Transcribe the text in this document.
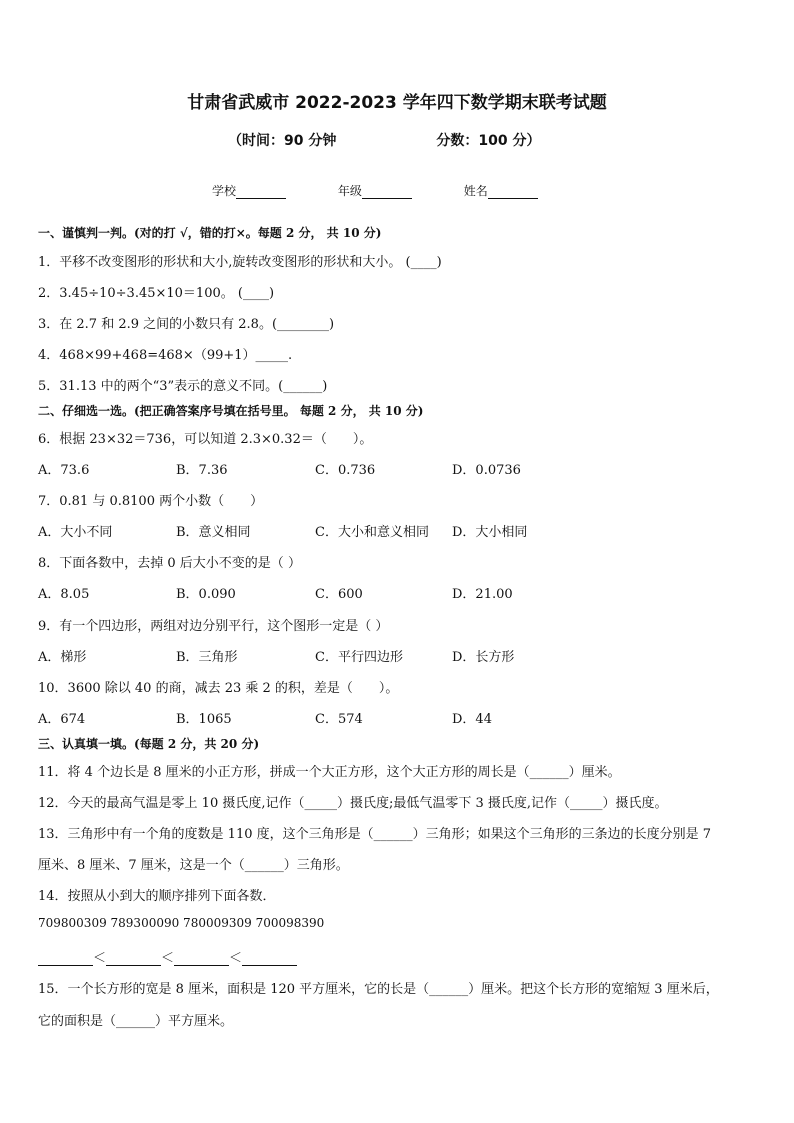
甘肃省武威市 2022-2023 学年四下数学期末联考试题
（时间：90 分钟	分数：100 分）
学校	年级	姓名
一、谨慎判一判。(对的打 √，错的打×。每题 2 分， 共 10 分)
1．平移不改变图形的形状和大小,旋转改变图形的形状和大小。 (____)
2．3.45÷10÷3.45×10＝100。 (____)
3．在 2.7 和 2.9 之间的小数只有 2.8。(________)
4．468×99+468=468×（99+1）_____.
5．31.13 中的两个“3”表示的意义不同。(______)
二、仔细选一选。(把正确答案序号填在括号里。 每题 2 分， 共 10 分)
6．根据 23×32＝736，可以知道 2.3×0.32＝（　　）。
A．73.6	B．7.36	C．0.736	D．0.0736
7．0.81 与 0.8100 两个小数（　　）
A．大小不同	B．意义相同	C．大小和意义相同 D．大小相同
8．下面各数中，去掉 0 后大小不变的是（ ）
A．8.05	B．0.090	C．600	D．21.00
9．有一个四边形，两组对边分别平行，这个图形一定是（ ）
A．梯形	B．三角形	C．平行四边形	D．长方形
10．3600 除以 40 的商，减去 23 乘 2 的积，差是（　　）。
A．674	B．1065	C．574	D．44
三、认真填一填。(每题 2 分，共 20 分)
11．将 4 个边长是 8 厘米的小正方形，拼成一个大正方形，这个大正方形的周长是（______）厘米。
12．今天的最高气温是零上 10 摄氏度,记作（_____）摄氏度;最低气温零下 3 摄氏度,记作（_____）摄氏度。
13．三角形中有一个角的度数是 110 度，这个三角形是（______）三角形；如果这个三角形的三条边的长度分别是 7
厘米、8 厘米、7 厘米，这是一个（______）三角形。
14．按照从小到大的顺序排列下面各数．
709800309 789300090 780009309 700098390
＜	＜	＜
15．一个长方形的宽是 8 厘米，面积是 120 平方厘米，它的长是（______）厘米。把这个长方形的宽缩短 3 厘米后，
它的面积是（______）平方厘米。
